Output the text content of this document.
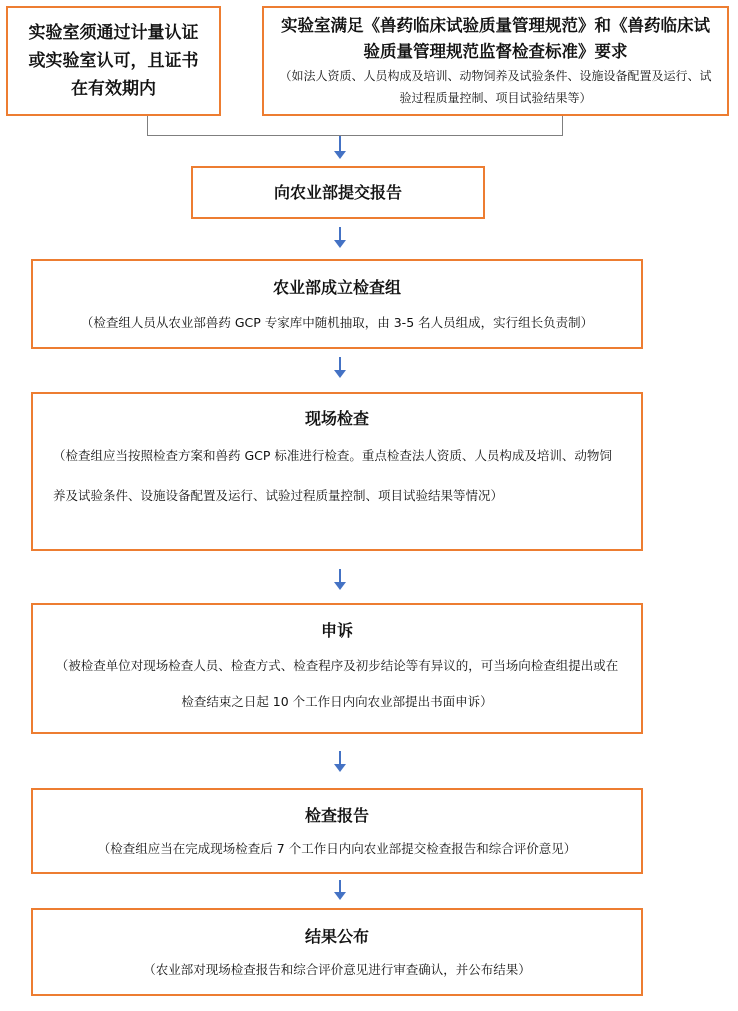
实验室须通过计量认证或实验室认可，且证书在有效期内
实验室满足《兽药临床试验质量管理规范》和《兽药临床试验质量管理规范监督检查标准》要求
（如法人资质、人员构成及培训、动物饲养及试验条件、设施设备配置及运行、试验过程质量控制、项目试验结果等）
向农业部提交报告
农业部成立检查组
（检查组人员从农业部兽药 GCP 专家库中随机抽取，由 3-5 名人员组成，实行组长负责制）
现场检查
（检查组应当按照检查方案和兽药 GCP 标准进行检查。重点检查法人资质、人员构成及培训、动物饲养及试验条件、设施设备配置及运行、试验过程质量控制、项目试验结果等情况）
申诉
（被检查单位对现场检查人员、检查方式、检查程序及初步结论等有异议的，可当场向检查组提出或在检查结束之日起 10 个工作日内向农业部提出书面申诉）
检查报告
（检查组应当在完成现场检查后 7 个工作日内向农业部提交检查报告和综合评价意见）
结果公布
（农业部对现场检查报告和综合评价意见进行审查确认，并公布结果）
